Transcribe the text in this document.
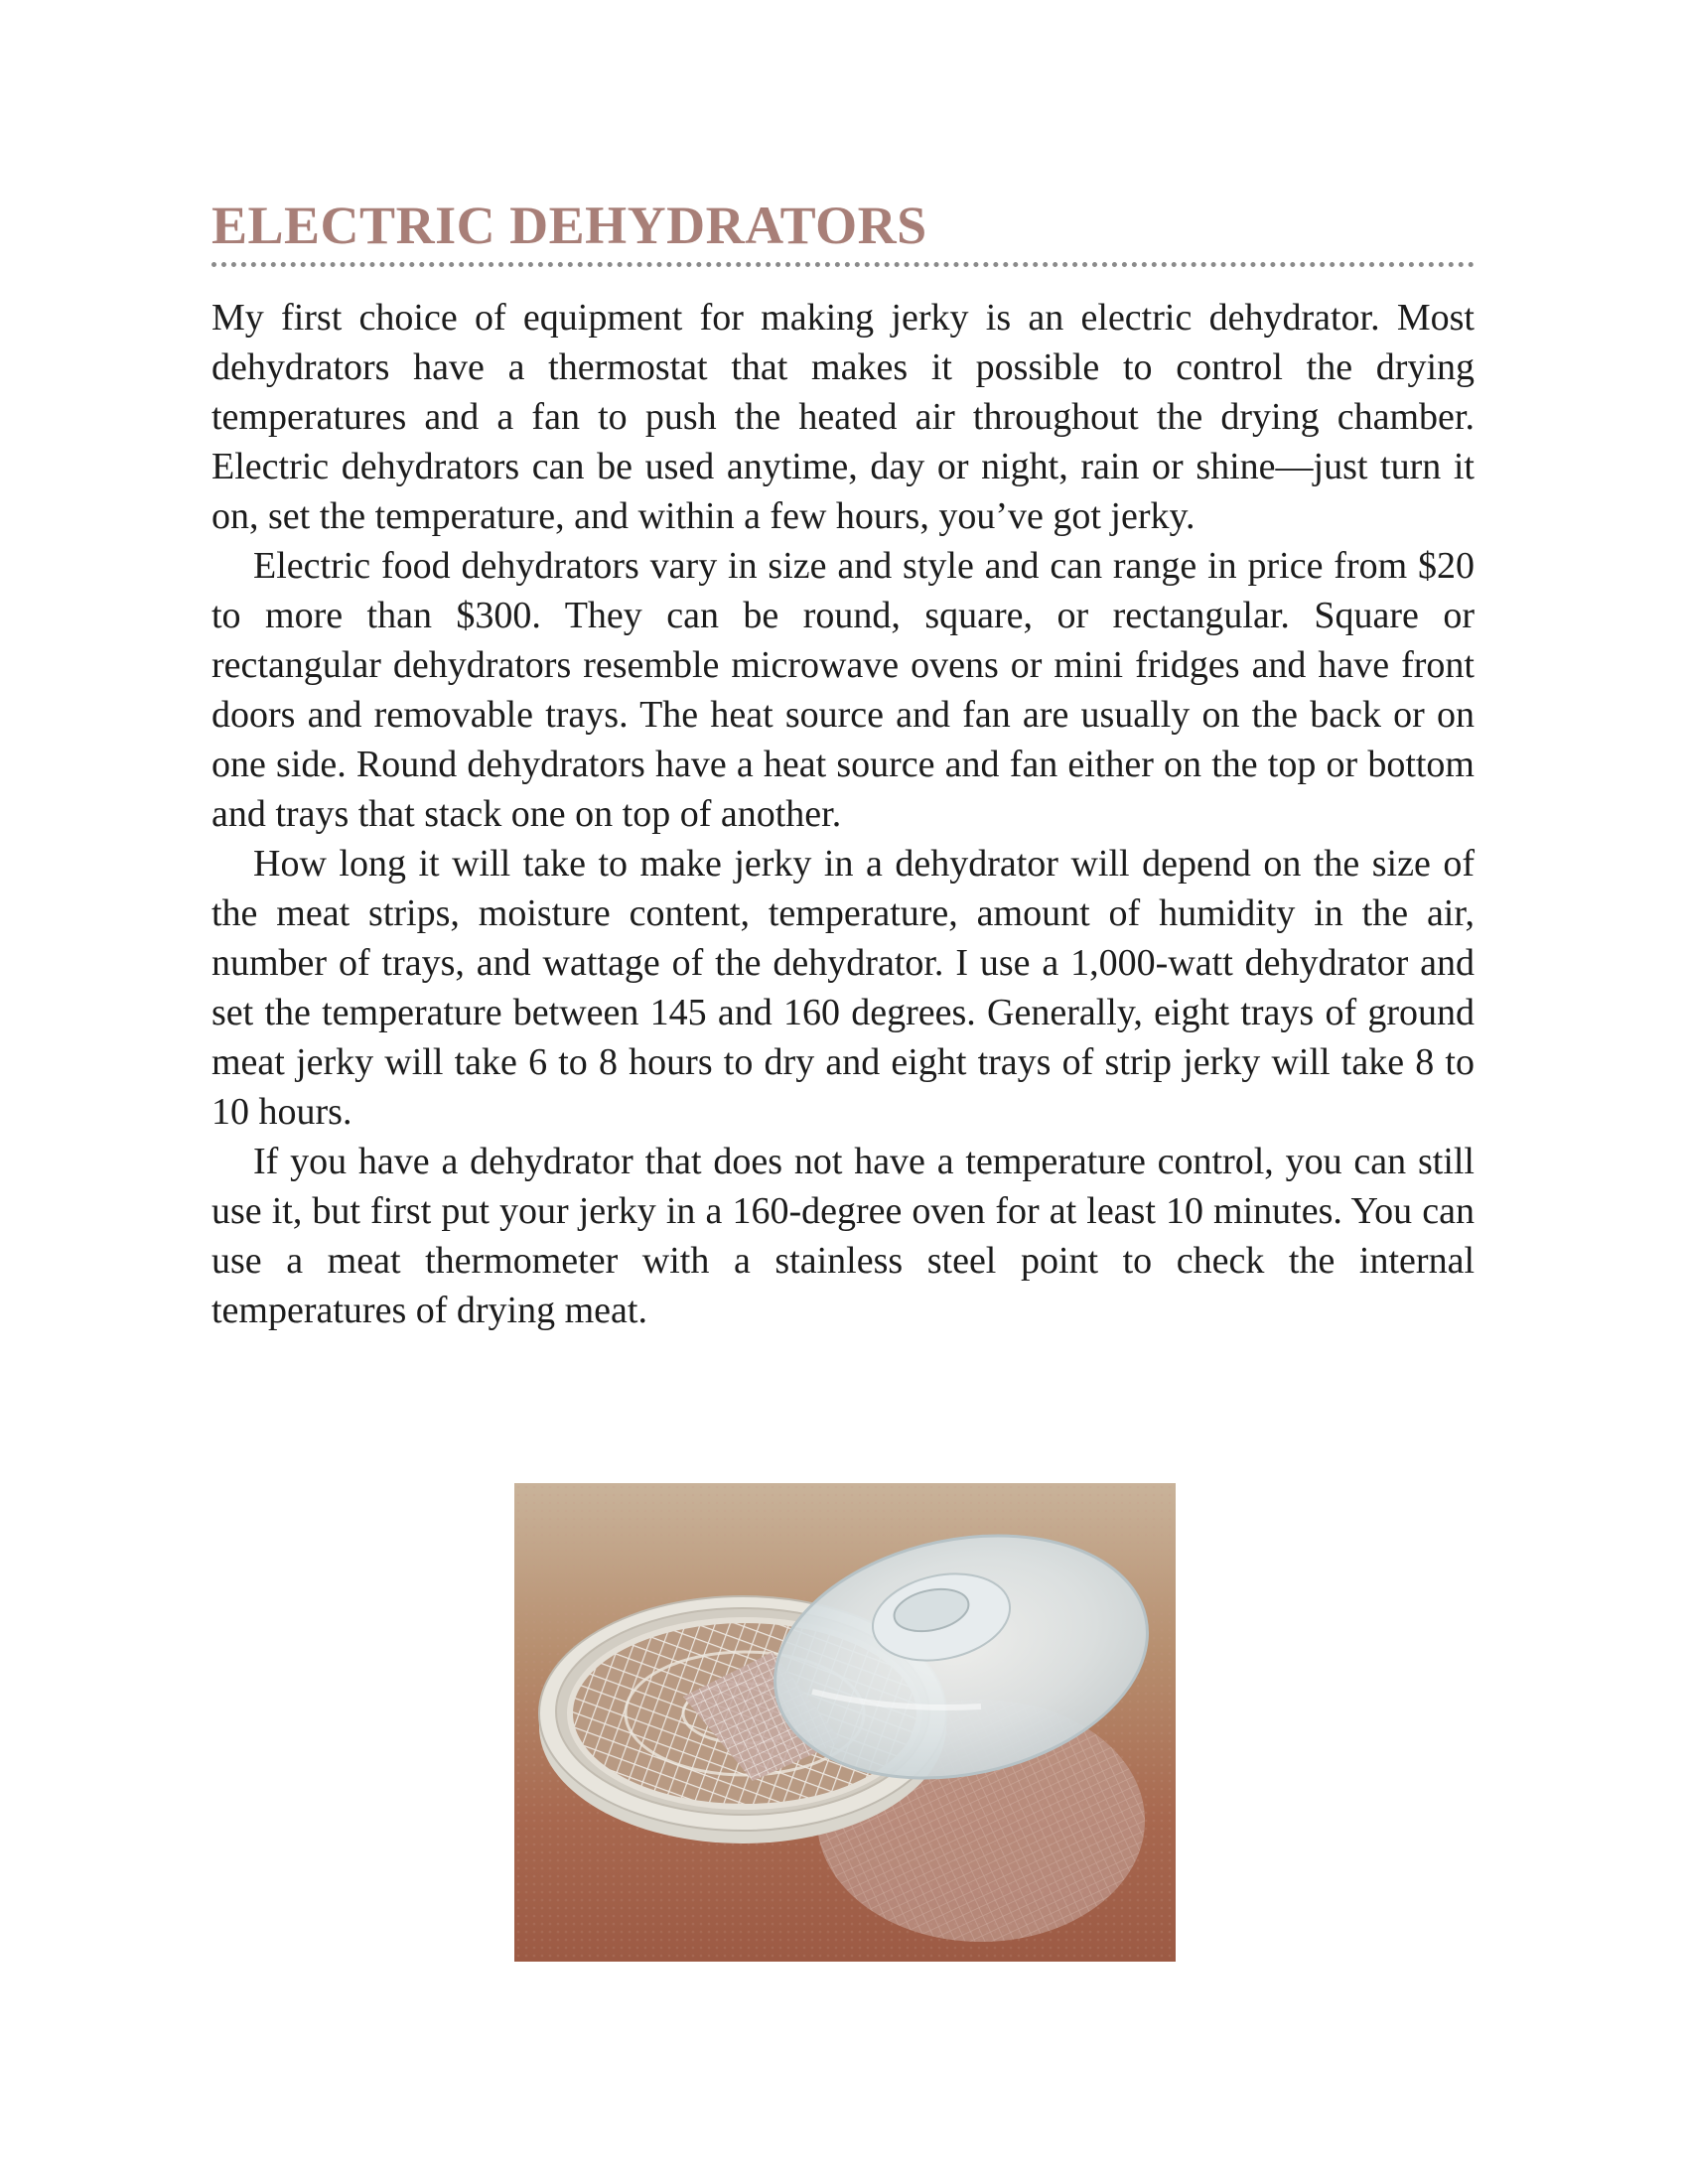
ELECTRIC DEHYDRATORS

My first choice of equipment for making jerky is an electric dehydrator. Most dehydrators have a thermostat that makes it possible to control the drying temperatures and a fan to push the heated air throughout the drying chamber. Electric dehydrators can be used anytime, day or night, rain or shine—just turn it on, set the temperature, and within a few hours, you’ve got jerky.

Electric food dehydrators vary in size and style and can range in price from $20 to more than $300. They can be round, square, or rectangular. Square or rectangular dehydrators resemble microwave ovens or mini fridges and have front doors and removable trays. The heat source and fan are usually on the back or on one side. Round dehydrators have a heat source and fan either on the top or bottom and trays that stack one on top of another.

How long it will take to make jerky in a dehydrator will depend on the size of the meat strips, moisture content, temperature, amount of humidity in the air, number of trays, and wattage of the dehydrator. I use a 1,000-watt dehydrator and set the temperature between 145 and 160 degrees. Generally, eight trays of ground meat jerky will take 6 to 8 hours to dry and eight trays of strip jerky will take 8 to 10 hours.

If you have a dehydrator that does not have a temperature control, you can still use it, but first put your jerky in a 160-degree oven for at least 10 minutes. You can use a meat thermometer with a stainless steel point to check the internal temperatures of drying meat.
